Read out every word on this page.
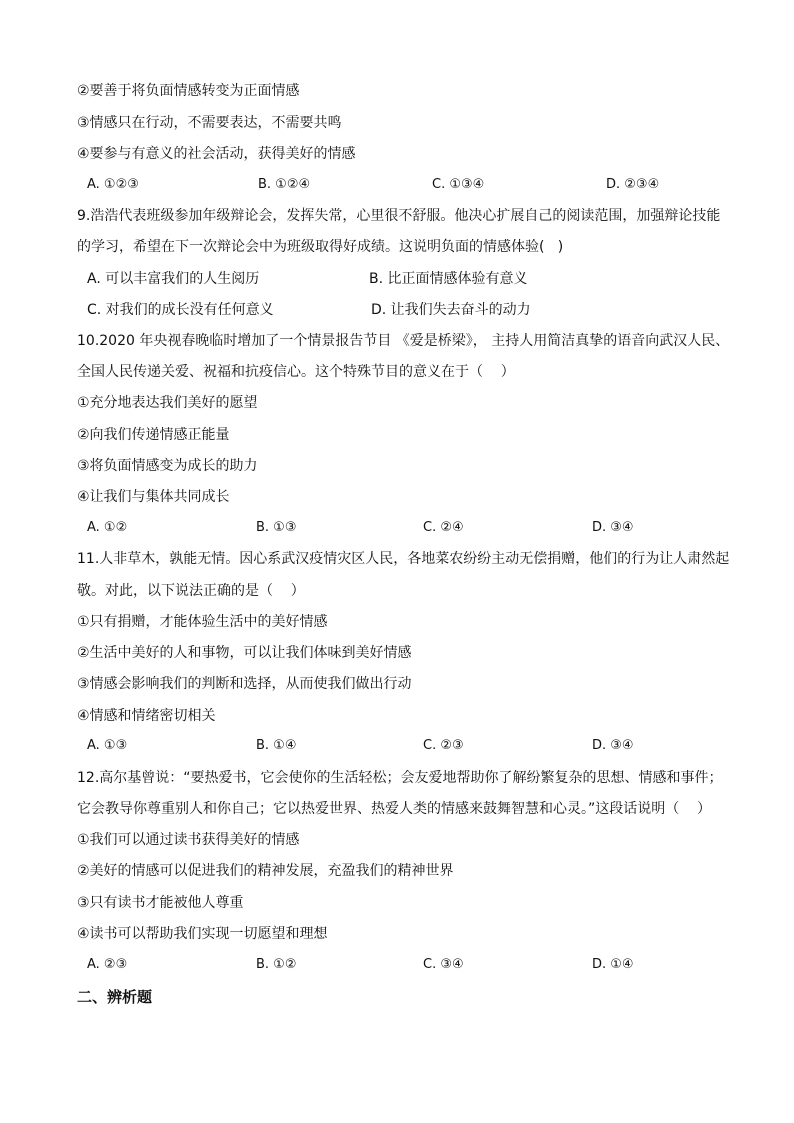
②要善于将负面情感转变为正面情感
③情感只在行动，不需要表达，不需要共鸣
④要参与有意义的社会活动，获得美好的情感
A. ①②③	B. ①②④	C. ①③④	D. ②③④
9.浩浩代表班级参加年级辩论会，发挥失常，心里很不舒服。他决心扩展自己的阅读范围，加强辩论技能
的学习，希望在下一次辩论会中为班级取得好成绩。这说明负面的情感体验(   )
A. 可以丰富我们的人生阅历	B. 比正面情感体验有意义
C. 对我们的成长没有任何意义	D. 让我们失去奋斗的动力
10.2020 年央视春晚临时增加了一个情景报告节目 《爱是桥梁》， 主持人用简洁真挚的语音向武汉人民、
全国人民传递关爱、祝福和抗疫信心。这个特殊节目的意义在于（    ）
①充分地表达我们美好的愿望
②向我们传递情感正能量
③将负面情感变为成长的助力
④让我们与集体共同成长
A. ①②	B. ①③	C. ②④	D. ③④
11.人非草木，孰能无情。因心系武汉疫情灾区人民，各地菜农纷纷主动无偿捐赠，他们的行为让人肃然起
敬。对此，以下说法正确的是（    ）
①只有捐赠，才能体验生活中的美好情感
②生活中美好的人和事物，可以让我们体味到美好情感
③情感会影响我们的判断和选择，从而使我们做出行动
④情感和情绪密切相关
A. ①③	B. ①④	C. ②③	D. ③④
12.高尔基曾说：“要热爱书，它会使你的生活轻松；会友爱地帮助你了解纷繁复杂的思想、情感和事件；
它会教导你尊重别人和你自己；它以热爱世界、热爱人类的情感来鼓舞智慧和心灵。”这段话说明（    ）
①我们可以通过读书获得美好的情感
②美好的情感可以促进我们的精神发展，充盈我们的精神世界
③只有读书才能被他人尊重
④读书可以帮助我们实现一切愿望和理想
A. ②③	B. ①②	C. ③④	D. ①④
二、辨析题
